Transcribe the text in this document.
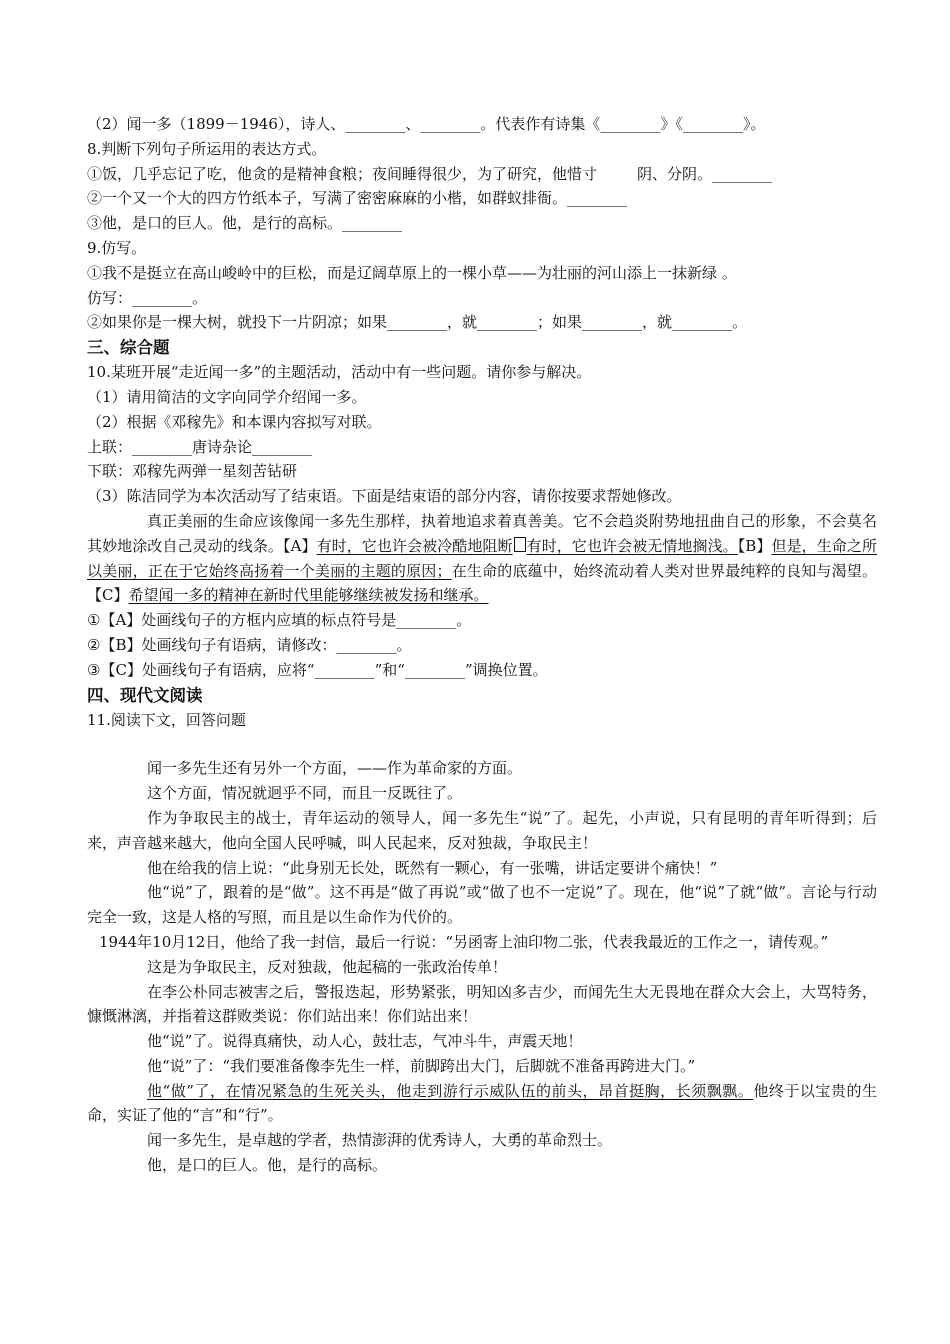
（2）闻一多（1899－1946），诗人、________、________。代表作有诗集《________》《________》。
8.判断下列句子所运用的表达方式。
①饭，几乎忘记了吃，他贪的是精神食粮；夜间睡得很少，为了研究，他惜寸	阴、分阴。________
②一个又一个大的四方竹纸本子，写满了密密麻麻的小楷，如群蚁排衙。________
③他，是口的巨人。他，是行的高标。________
9.仿写。
①我不是挺立在高山峻岭中的巨松，而是辽阔草原上的一棵小草——为壮丽的河山添上一抹新绿 。
仿写：________。
②如果你是一棵大树，就投下一片阴凉；如果________，就________；如果________，就________。
三、综合题
10.某班开展“走近闻一多”的主题活动，活动中有一些问题。请你参与解决。
（1）请用简洁的文字向同学介绍闻一多。
（2）根据《邓稼先》和本课内容拟写对联。
上联：________唐诗杂论________
下联：邓稼先两弹一星刻苦钻研
（3）陈洁同学为本次活动写了结束语。下面是结束语的部分内容，请你按要求帮她修改。
真正美丽的生命应该像闻一多先生那样，执着地追求着真善美。它不会趋炎附势地扭曲自己的形象，不会莫名其妙地涂改自己灵动的线条。【A】有时，它也许会被冷酷地阻断 有时，它也许会被无情地搁浅。【B】但是，生命之所以美丽，正在于它始终高扬着一个美丽的主题的原因；在生命的底蕴中，始终流动着人类对世界最纯粹的良知与渴望。【C】希望闻一多的精神在新时代里能够继续被发扬和继承。
①【A】处画线句子的方框内应填的标点符号是________。
②【B】处画线句子有语病，请修改：________。
③【C】处画线句子有语病，应将“________”和“________”调换位置。
四、现代文阅读
11.阅读下文，回答问题
闻一多先生还有另外一个方面，——作为革命家的方面。
这个方面，情况就迥乎不同，而且一反既往了。
作为争取民主的战士，青年运动的领导人，闻一多先生“说”了。起先，小声说，只有昆明的青年听得到；后来，声音越来越大，他向全国人民呼喊，叫人民起来，反对独裁，争取民主！
他在给我的信上说：“此身别无长处，既然有一颗心，有一张嘴，讲话定要讲个痛快！”
他“说”了，跟着的是“做”。这不再是“做了再说”或“做了也不一定说”了。现在，他“说”了就“做”。言论与行动完全一致，这是人格的写照，而且是以生命作为代价的。
1944年10月12日，他给了我一封信，最后一行说：“另函寄上油印物二张，代表我最近的工作之一，请传观。”
这是为争取民主，反对独裁，他起稿的一张政治传单！
在李公朴同志被害之后，警报迭起，形势紧张，明知凶多吉少，而闻先生大无畏地在群众大会上，大骂特务，慷慨淋漓，并指着这群败类说：你们站出来！你们站出来！
他“说”了。说得真痛快，动人心，鼓壮志，气冲斗牛，声震天地！
他“说”了：“我们要准备像李先生一样，前脚跨出大门，后脚就不准备再跨进大门。”
他“做”了，在情况紧急的生死关头，他走到游行示威队伍的前头，昂首挺胸，长须飘飘。他终于以宝贵的生命，实证了他的“言”和“行”。
闻一多先生，是卓越的学者，热情澎湃的优秀诗人，大勇的革命烈士。
他，是口的巨人。他，是行的高标。
